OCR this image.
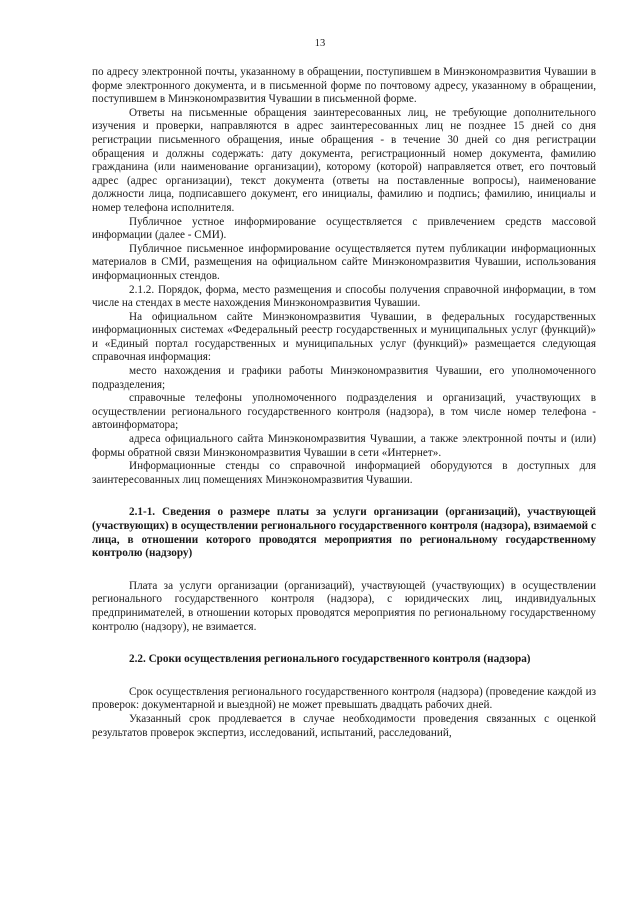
13

по адресу электронной почты, указанному в обращении, поступившем в Минэкономразвития Чувашии в форме электронного документа, и в письменной форме по почтовому адресу, указанному в обращении, поступившем в Минэкономразвития Чувашии в письменной форме.

Ответы на письменные обращения заинтересованных лиц, не требующие дополнительного изучения и проверки, направляются в адрес заинтересованных лиц не позднее 15 дней со дня регистрации письменного обращения, иные обращения - в течение 30 дней со дня регистрации обращения и должны содержать: дату документа, регистрационный номер документа, фамилию гражданина (или наименование организации), которому (которой) направляется ответ, его почтовый адрес (адрес организации), текст документа (ответы на поставленные вопросы), наименование должности лица, подписавшего документ, его инициалы, фамилию и подпись; фамилию, инициалы и номер телефона исполнителя.

Публичное устное информирование осуществляется с привлечением средств массовой информации (далее - СМИ).

Публичное письменное информирование осуществляется путем публикации информационных материалов в СМИ, размещения на официальном сайте Минэкономразвития Чувашии, использования информационных стендов.

2.1.2. Порядок, форма, место размещения и способы получения справочной информации, в том числе на стендах в месте нахождения Минэкономразвития Чувашии.

На официальном сайте Минэкономразвития Чувашии, в федеральных государственных информационных системах «Федеральный реестр государственных и муниципальных услуг (функций)» и «Единый портал государственных и муниципальных услуг (функций)» размещается следующая справочная информация:

место нахождения и графики работы Минэкономразвития Чувашии, его уполномоченного подразделения;

справочные телефоны уполномоченного подразделения и организаций, участвующих в осуществлении регионального государственного контроля (надзора), в том числе номер телефона - автоинформатора;

адреса официального сайта Минэкономразвития Чувашии, а также электронной почты и (или) формы обратной связи Минэкономразвития Чувашии в сети «Интернет».

Информационные стенды со справочной информацией оборудуются в доступных для заинтересованных лиц помещениях Минэкономразвития Чувашии.

2.1-1. Сведения о размере платы за услуги организации (организаций), участвующей (участвующих) в осуществлении регионального государственного контроля (надзора), взимаемой с лица, в отношении которого проводятся мероприятия по региональному государственному контролю (надзору)

Плата за услуги организации (организаций), участвующей (участвующих) в осуществлении регионального государственного контроля (надзора), с юридических лиц, индивидуальных предпринимателей, в отношении которых проводятся мероприятия по региональному государственному контролю (надзору), не взимается.

2.2. Сроки осуществления регионального государственного контроля (надзора)

Срок осуществления регионального государственного контроля (надзора) (проведение каждой из проверок: документарной и выездной) не может превышать двадцать рабочих дней.

Указанный срок продлевается в случае необходимости проведения связанных с оценкой результатов проверок экспертиз, исследований, испытаний, расследований,
